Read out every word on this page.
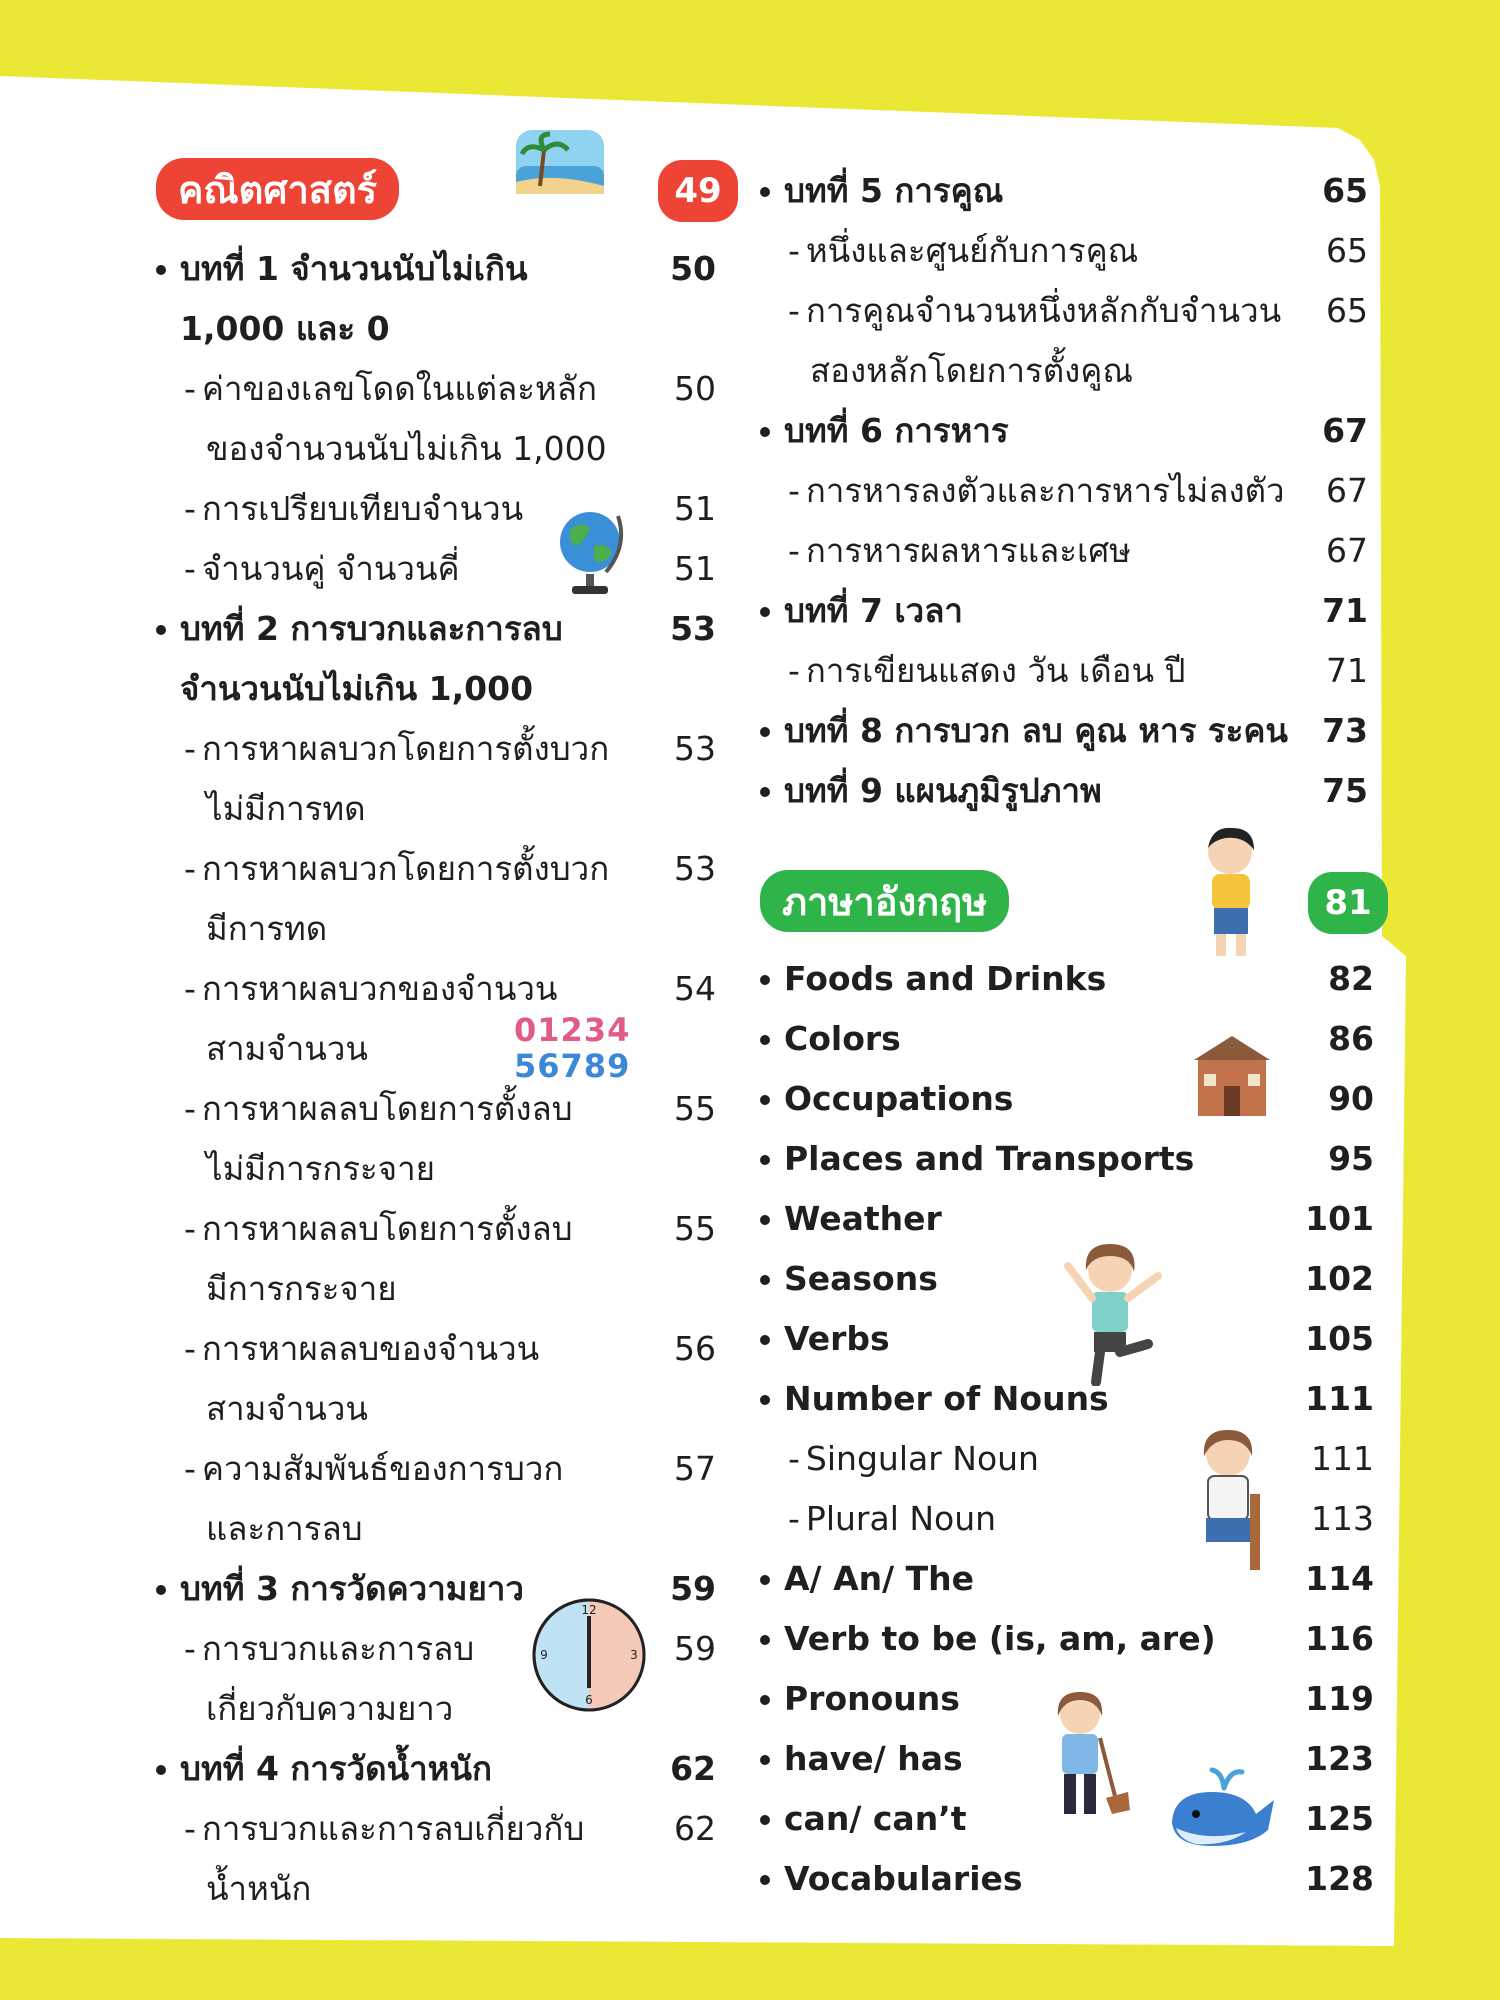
คณิตศาสตร์	49
ภาษาอังกฤษ	81
บทที่ 1 จำนวนนับไม่เกิน	50
1,000 และ 0
- ค่าของเลขโดดในแต่ละหลัก	50
ของจำนวนนับไม่เกิน 1,000
- การเปรียบเทียบจำนวน	51
- จำนวนคู่ จำนวนคี่	51
บทที่ 2 การบวกและการลบ	53
จำนวนนับไม่เกิน 1,000
- การหาผลบวกโดยการตั้งบวก	53
ไม่มีการทด
- การหาผลบวกโดยการตั้งบวก	53
มีการทด
- การหาผลบวกของจำนวน	54
สามจำนวน
- การหาผลลบโดยการตั้งลบ	55
ไม่มีการกระจาย
- การหาผลลบโดยการตั้งลบ	55
มีการกระจาย
- การหาผลลบของจำนวน	56
สามจำนวน
- ความสัมพันธ์ของการบวก	57
และการลบ
บทที่ 3 การวัดความยาว	59
- การบวกและการลบ	59
เกี่ยวกับความยาว
บทที่ 4 การวัดน้ำหนัก	62
- การบวกและการลบเกี่ยวกับ	62
น้ำหนัก
บทที่ 5 การคูณ	65
- หนึ่งและศูนย์กับการคูณ	65
- การคูณจำนวนหนึ่งหลักกับจำนวน	65
สองหลักโดยการตั้งคูณ
บทที่ 6 การหาร	67
- การหารลงตัวและการหารไม่ลงตัว	67
- การหารผลหารและเศษ	67
บทที่ 7 เวลา	71
- การเขียนแสดง วัน เดือน ปี	71
บทที่ 8 การบวก ลบ คูณ หาร ระคน	73
บทที่ 9 แผนภูมิรูปภาพ	75
Foods and Drinks	82
Colors	86
Occupations	90
Places and Transports	95
Weather	101
Seasons	102
Verbs	105
Number of Nouns	111
- Singular Noun	111
- Plural Noun	113
A/ An/ The	114
Verb to be (is, am, are)	116
Pronouns	119
have/ has	123
can/ can’t	125
Vocabularies	128
01234
56789
12
3
6
9
